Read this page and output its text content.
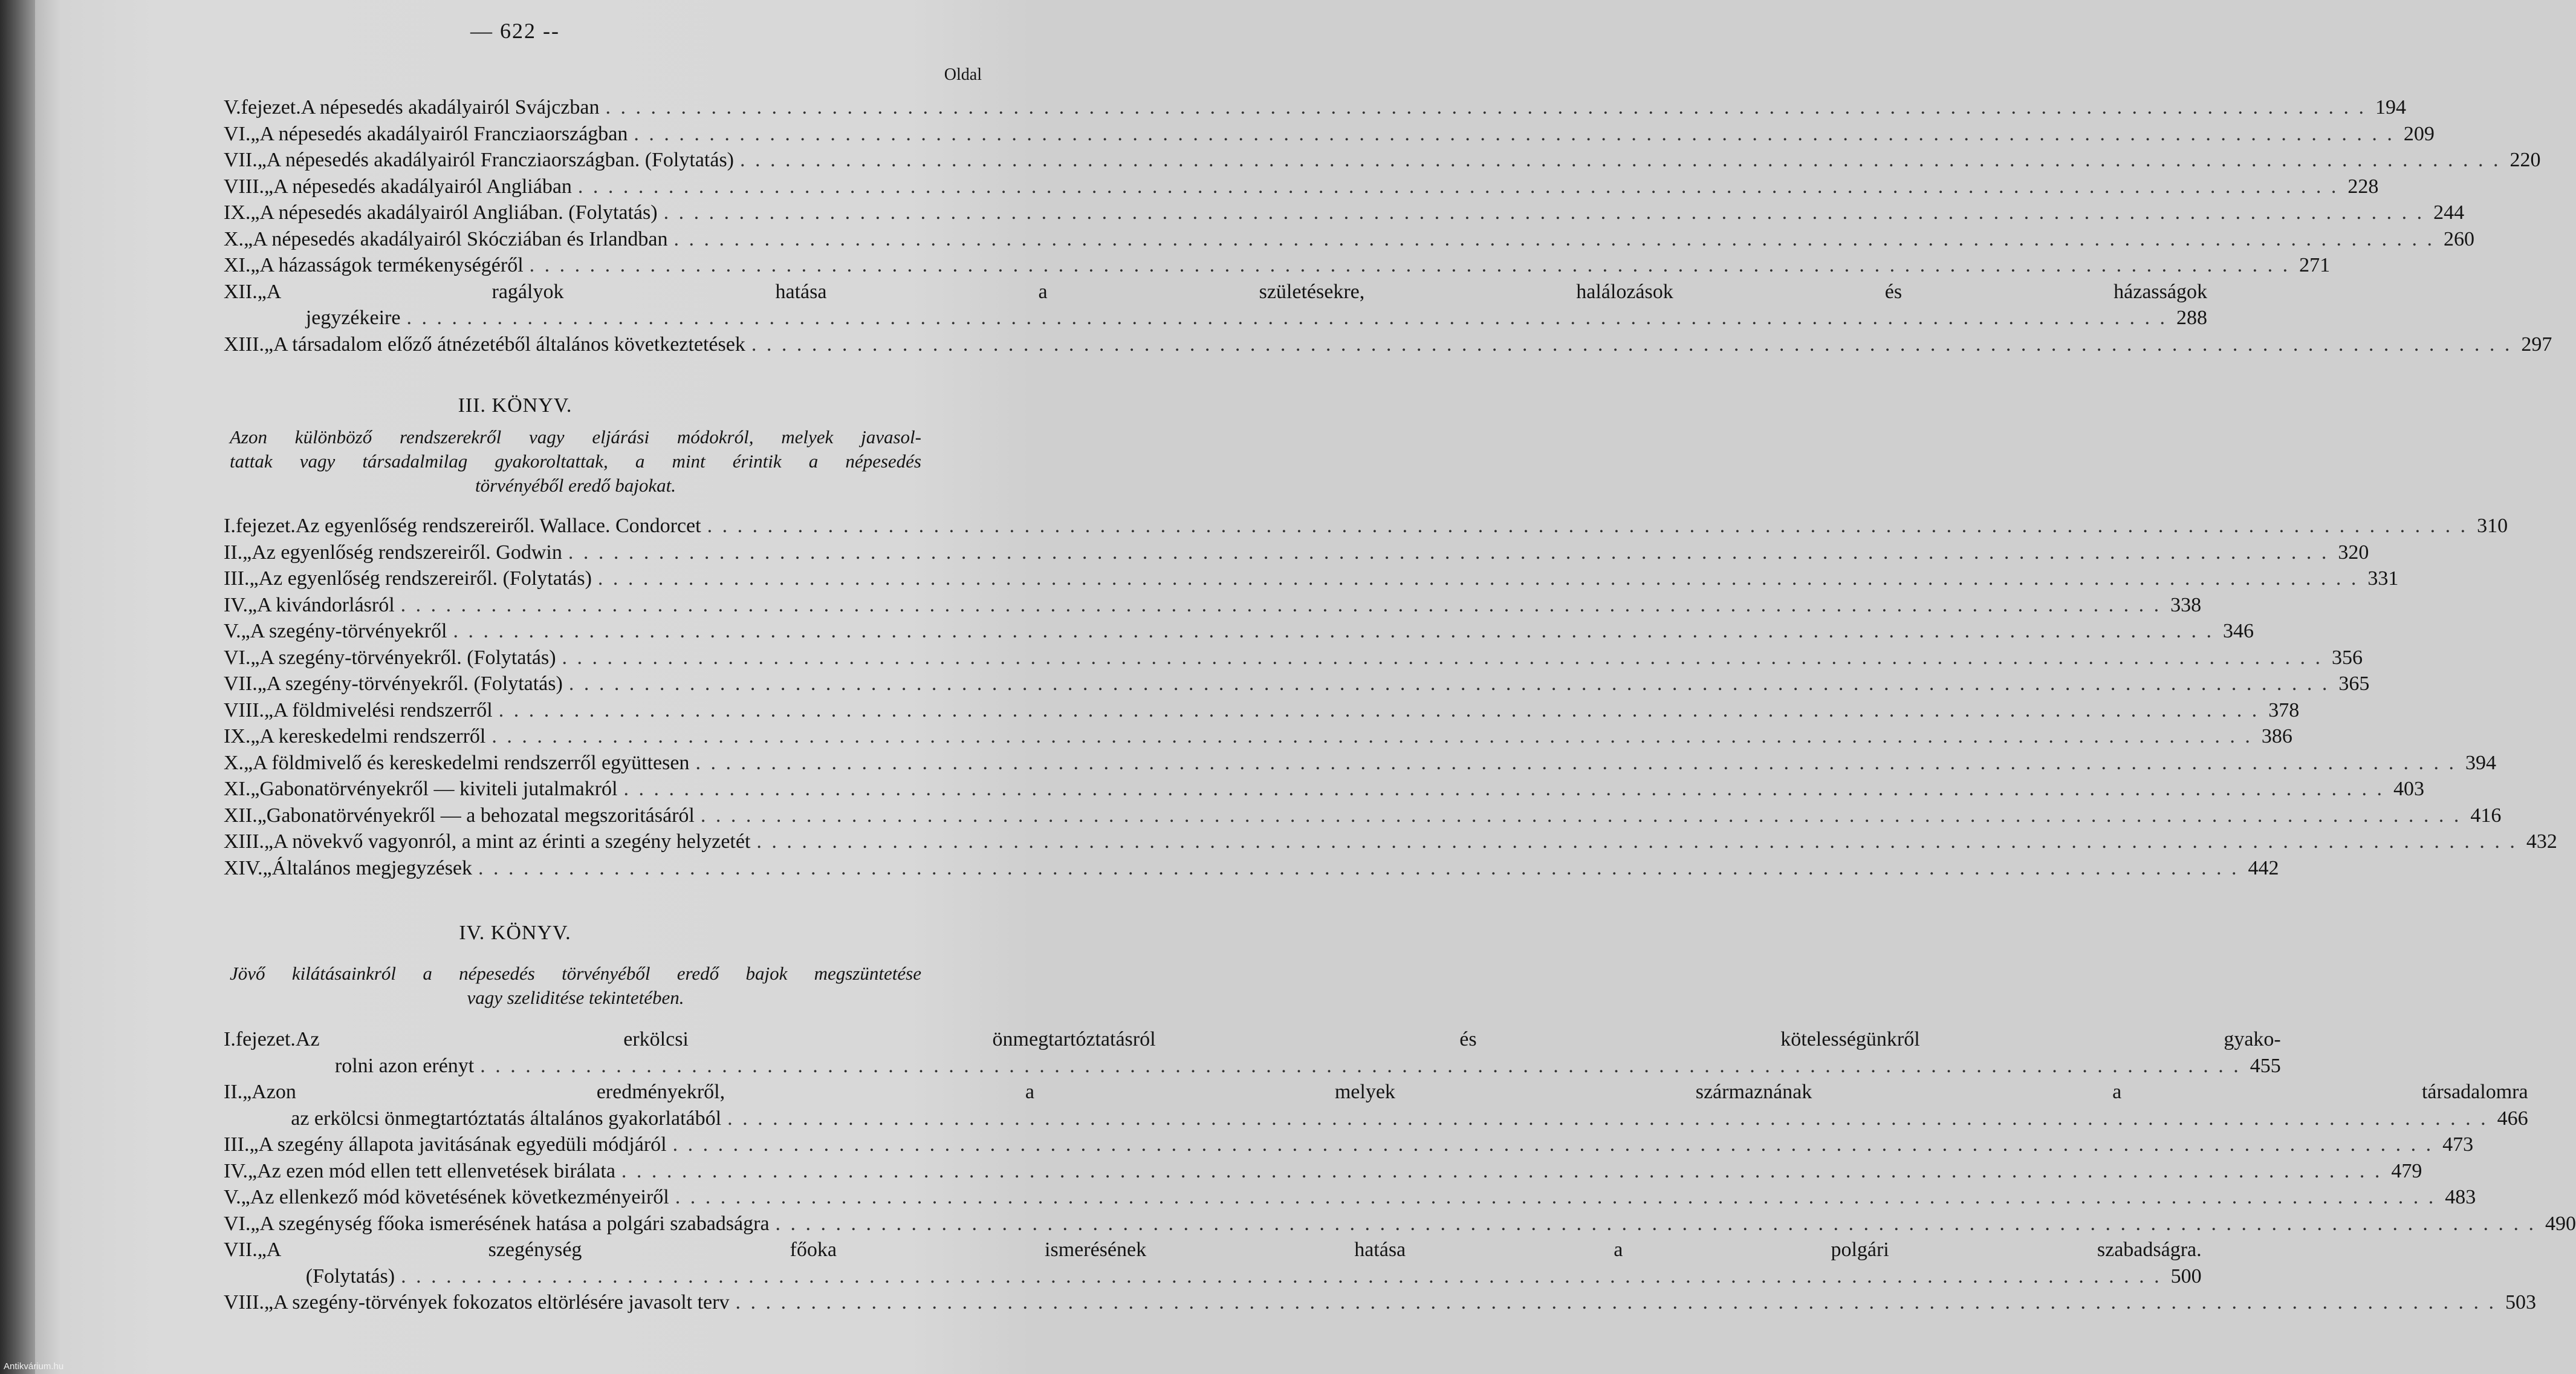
— 622 --
Oldal
V. fejezet. A népesedés akadályairól Svájczban . . .	194
VI. „ A népesedés akadályairól Francziaországban . . .	209
VII. „ A népesedés akadályairól Francziaországban. (Folytatás) . . .	220
VIII. „ A népesedés akadályairól Angliában . . .	228
IX. „ A népesedés akadályairól Angliában. (Folytatás) . . .	244
X. „ A népesedés akadályairól Skócziában és Irlandban . . .	260
XI. „ A házasságok termékenységéről . . .	271
XII. „ A ragályok hatása a születésekre, halálozások és házasságok
jegyzékeire . . .	288
XIII. „ A társadalom előző átnézetéből általános következtetések . . .	297
III. KÖNYV.
Azon különböző rendszerekről vagy eljárási módokról, melyek javasol-
tattak vagy társadalmilag gyakoroltattak, a mint érintik a népesedés
törvényéből eredő bajokat.
I. fejezet. Az egyenlőség rendszereiről. Wallace. Condorcet . . .	310
II. „ Az egyenlőség rendszereiről. Godwin . . .	320
III. „ Az egyenlőség rendszereiről. (Folytatás) . . .	331
IV. „ A kivándorlásról . . .	338
V. „ A szegény-törvényekről . . .	346
VI. „ A szegény-törvényekről. (Folytatás) . . .	356
VII. „ A szegény-törvényekről. (Folytatás) . . .	365
VIII. „ A földmivelési rendszerről . . .	378
IX. „ A kereskedelmi rendszerről . . .	386
X. „ A földmivelő és kereskedelmi rendszerről együttesen . . .	394
XI. „ Gabonatörvényekről — kiviteli jutalmakról . . .	403
XII. „ Gabonatörvényekről — a behozatal megszoritásáról . . .	416
XIII. „ A növekvő vagyonról, a mint az érinti a szegény helyzetét . . .	432
XIV. „ Általános megjegyzések . . .	442
IV. KÖNYV.
Jövő kilátásainkról a népesedés törvényéből eredő bajok megszüntetése
vagy szeliditése tekintetében.
I. fejezet. Az erkölcsi önmegtartóztatásról és kötelességünkről gyako-
rolni azon erényt . . .	455
II. „ Azon eredményekről, a melyek származnának a társadalomra
az erkölcsi önmegtartóztatás általános gyakorlatából . . .	466
III. „ A szegény állapota javitásának egyedüli módjáról . . .	473
IV. „ Az ezen mód ellen tett ellenvetések birálata . . .	479
V. „ Az ellenkező mód követésének következményeiről . . .	483
VI. „ A szegénység főoka ismerésének hatása a polgári szabadságra . . .	490
VII. „ A szegénység főoka ismerésének hatása a polgári szabadságra.
(Folytatás) . . .	500
VIII. „ A szegény-törvények fokozatos eltörlésére javasolt terv . . .	503
Antikvárium.hu
